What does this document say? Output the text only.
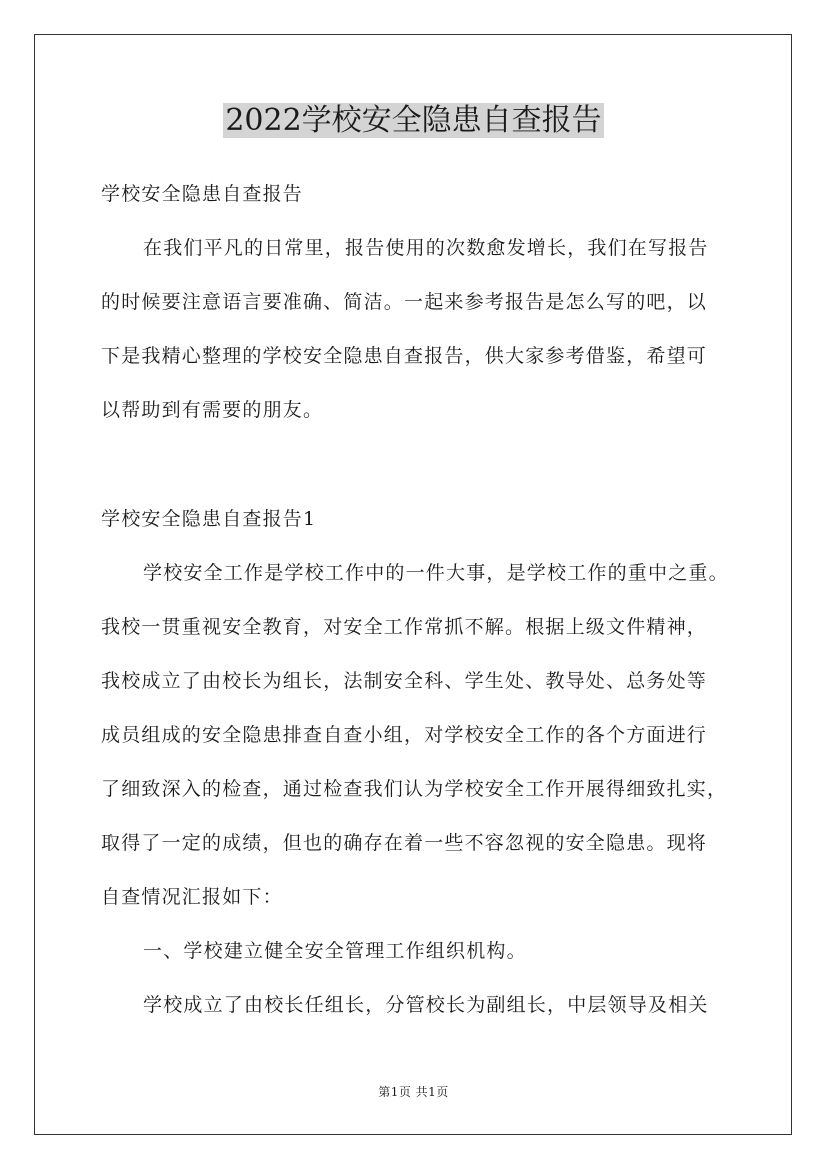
2022学校安全隐患自查报告
学校安全隐患自查报告
在我们平凡的日常里，报告使用的次数愈发增长，我们在写报告
的时候要注意语言要准确、简洁。一起来参考报告是怎么写的吧，以
下是我精心整理的学校安全隐患自查报告，供大家参考借鉴，希望可
以帮助到有需要的朋友。
学校安全隐患自查报告1
学校安全工作是学校工作中的一件大事，是学校工作的重中之重。
我校一贯重视安全教育，对安全工作常抓不解。根据上级文件精神，
我校成立了由校长为组长，法制安全科、学生处、教导处、总务处等
成员组成的安全隐患排查自查小组，对学校安全工作的各个方面进行
了细致深入的检查，通过检查我们认为学校安全工作开展得细致扎实，
取得了一定的成绩，但也的确存在着一些不容忽视的安全隐患。现将
自查情况汇报如下：
一、学校建立健全安全管理工作组织机构。
学校成立了由校长任组长，分管校长为副组长，中层领导及相关
第1页 共1页
